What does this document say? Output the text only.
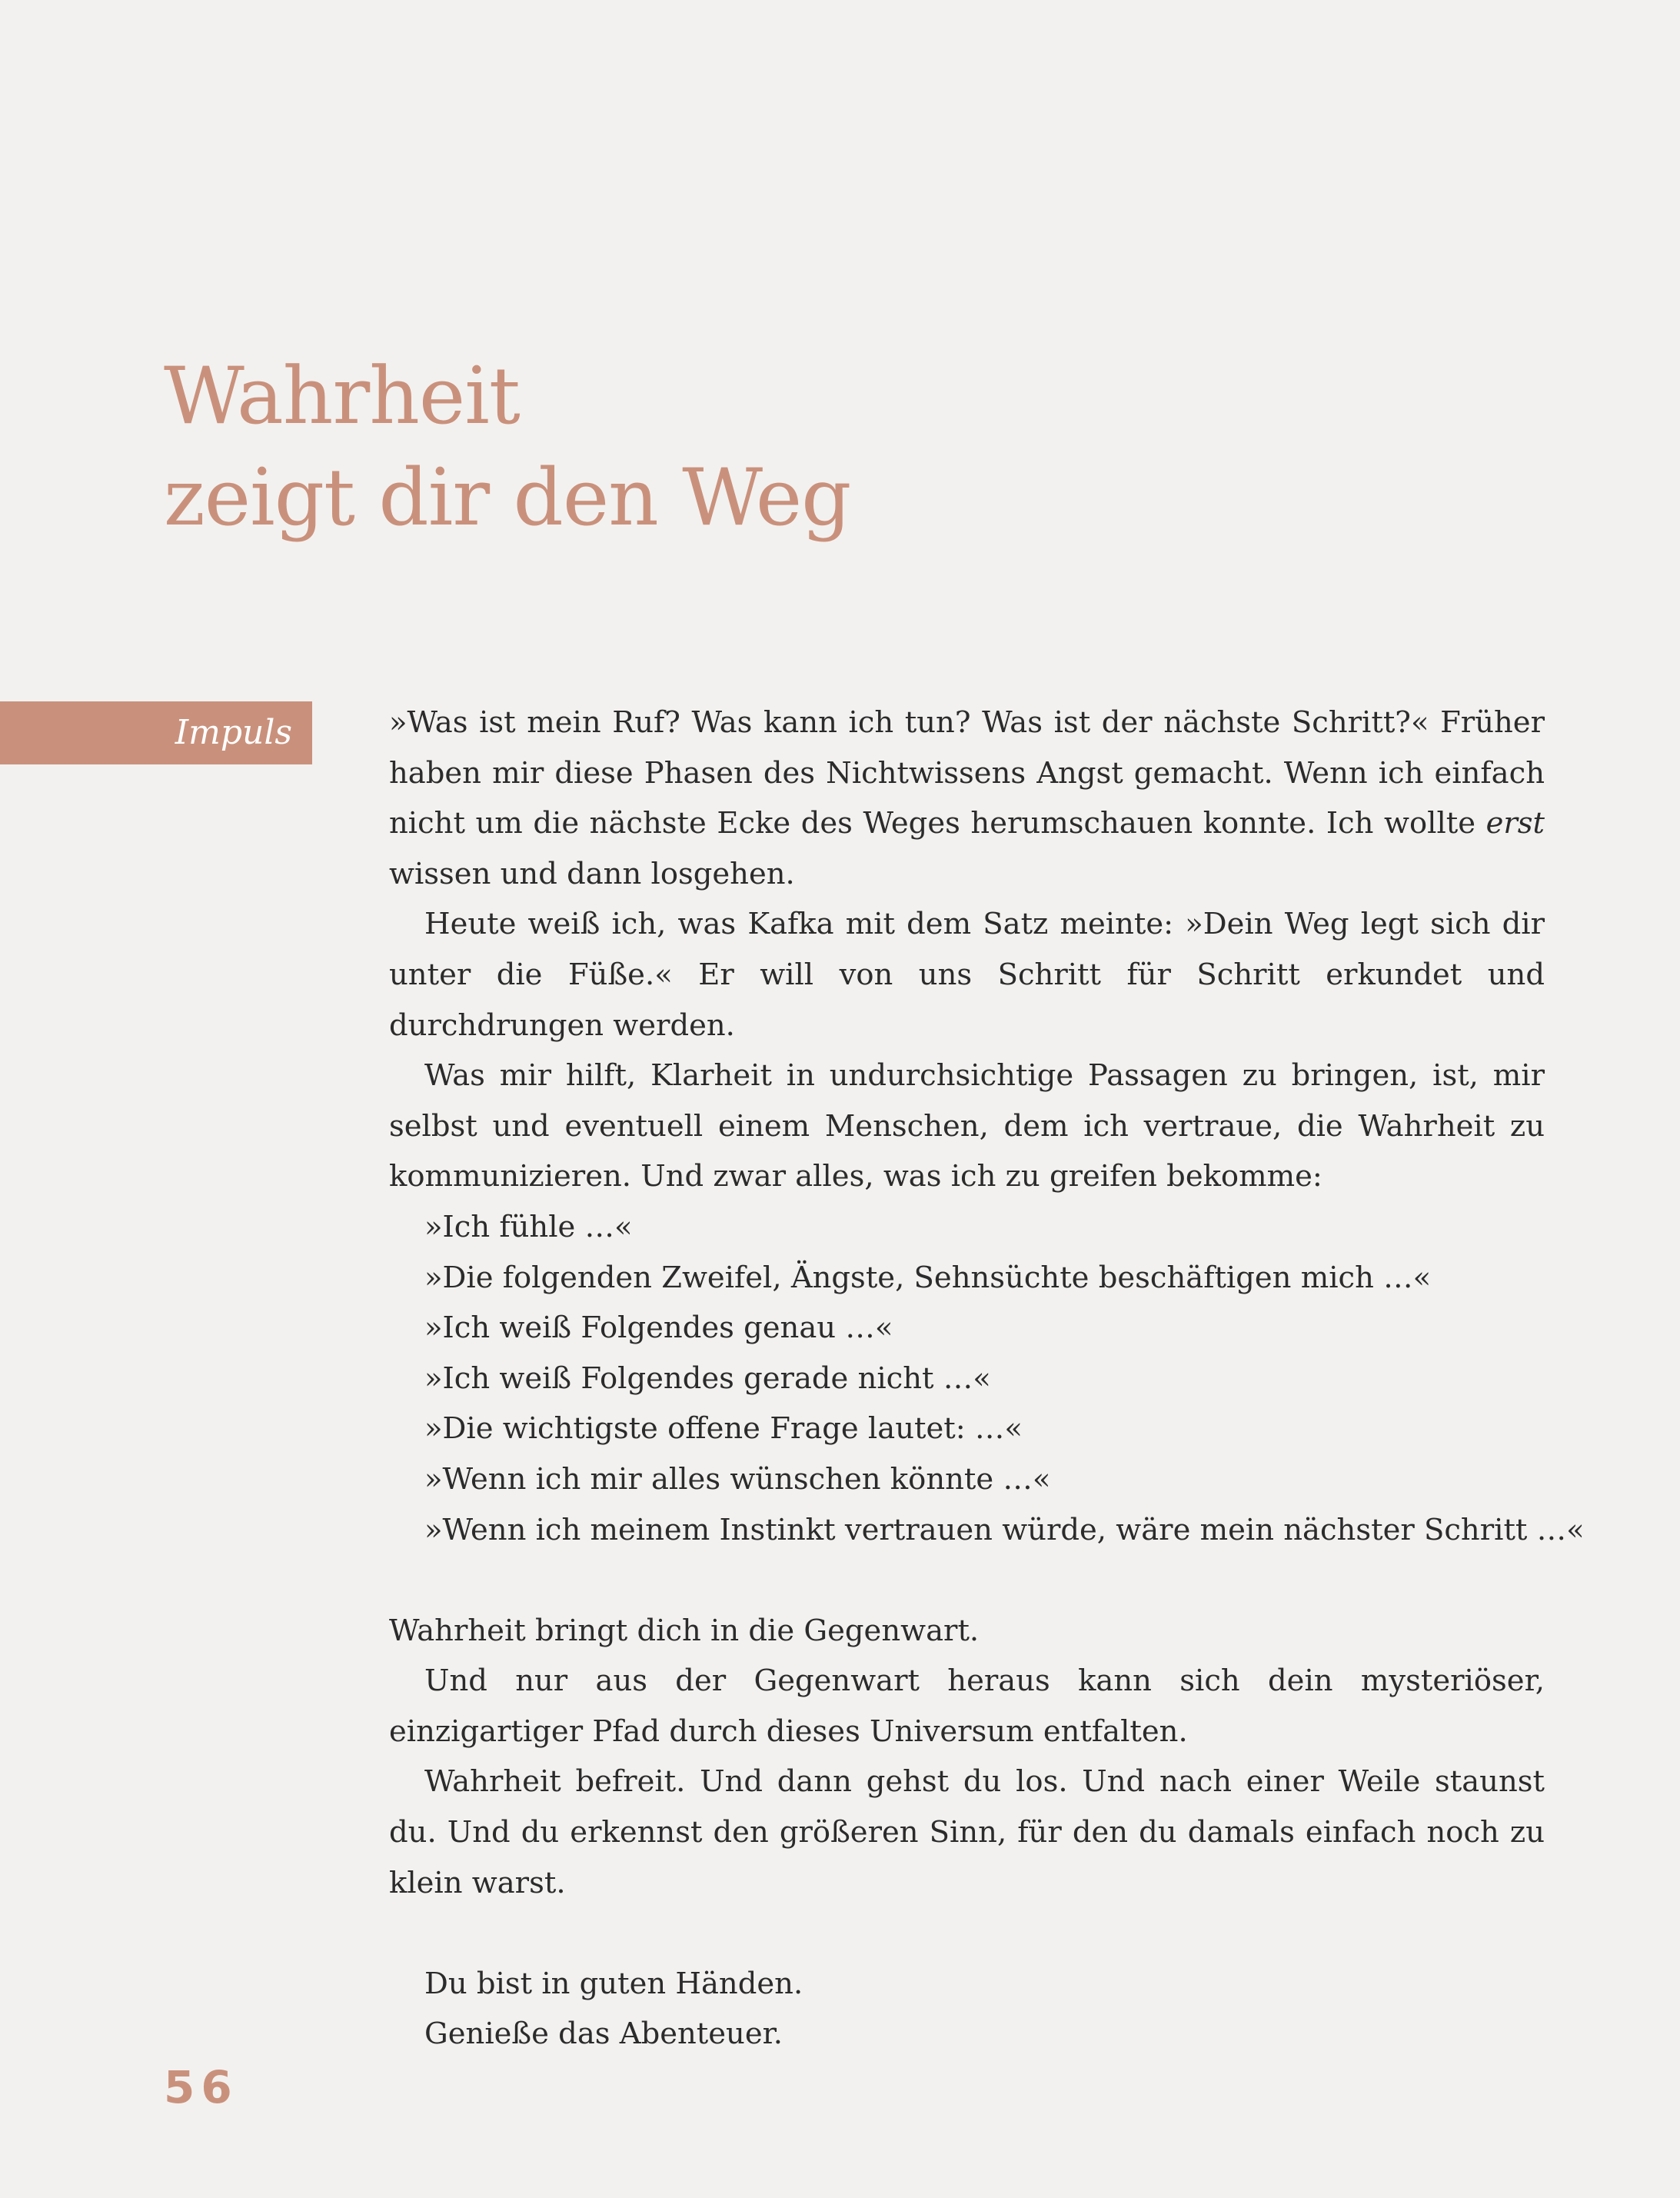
Wahrheit
zeigt dir den Weg
Impuls	»Was ist mein Ruf? Was kann ich tun? Was ist der nächste Schritt?« Früher haben mir diese Phasen des Nichtwissens Angst gemacht. Wenn ich einfach nicht um die nächste Ecke des Weges herumschauen konnte. Ich wollte erst wissen und dann losgehen.

Heute weiß ich, was Kafka mit dem Satz meinte: »Dein Weg legt sich dir unter die Füße.« Er will von uns Schritt für Schritt erkundet und durchdrungen werden.

Was mir hilft, Klarheit in undurchsichtige Passagen zu bringen, ist, mir selbst und eventuell einem Menschen, dem ich vertraue, die Wahrheit zu kommunizieren. Und zwar alles, was ich zu greifen bekomme:

»Ich fühle …«

»Die folgenden Zweifel, Ängste, Sehnsüchte beschäftigen mich …«

»Ich weiß Folgendes genau …«

»Ich weiß Folgendes gerade nicht …«

»Die wichtigste offene Frage lautet: …«

»Wenn ich mir alles wünschen könnte …«

»Wenn ich meinem Instinkt vertrauen würde, wäre mein nächster Schritt …«

Wahrheit bringt dich in die Gegenwart.

Und nur aus der Gegenwart heraus kann sich dein mysteriöser, einzigartiger Pfad durch dieses Universum entfalten.

Wahrheit befreit. Und dann gehst du los. Und nach einer Weile staunst du. Und du erkennst den größeren Sinn, für den du damals einfach noch zu klein warst.

Du bist in guten Händen.

Genieße das Abenteuer.

56
